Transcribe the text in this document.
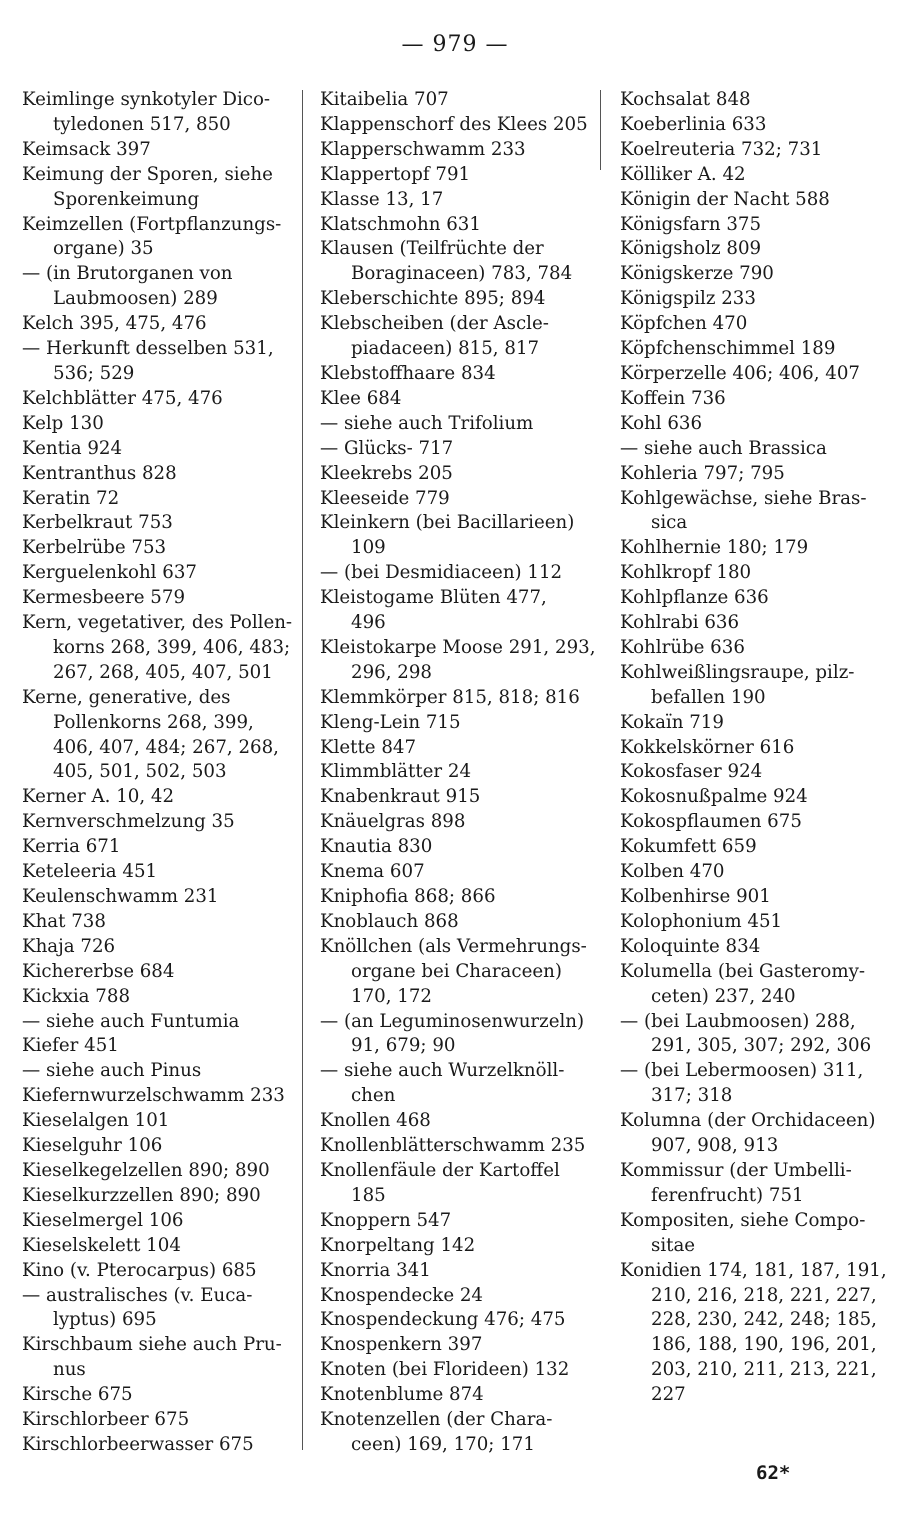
— 979 —
Keimlinge synkotyler Dico-
tyledonen 517, 850
Keimsack 397
Keimung der Sporen, siehe
Sporenkeimung
Keimzellen (Fortpflanzungs-
organe) 35
— (in Brutorganen von
Laubmoosen) 289
Kelch 395, 475, 476
— Herkunft desselben 531,
536; 529
Kelchblätter 475, 476
Kelp 130
Kentia 924
Kentranthus 828
Keratin 72
Kerbelkraut 753
Kerbelrübe 753
Kerguelenkohl 637
Kermesbeere 579
Kern, vegetativer, des Pollen-
korns 268, 399, 406, 483;
267, 268, 405, 407, 501
Kerne, generative, des
Pollenkorns 268, 399,
406, 407, 484; 267, 268,
405, 501, 502, 503
Kerner A. 10, 42
Kernverschmelzung 35
Kerria 671
Keteleeria 451
Keulenschwamm 231
Khat 738
Khaja 726
Kichererbse 684
Kickxia 788
— siehe auch Funtumia
Kiefer 451
— siehe auch Pinus
Kiefernwurzelschwamm 233
Kieselalgen 101
Kieselguhr 106
Kieselkegelzellen 890; 890
Kieselkurzzellen 890; 890
Kieselmergel 106
Kieselskelett 104
Kino (v. Pterocarpus) 685
— australisches (v. Euca-
lyptus) 695
Kirschbaum siehe auch Pru-
nus
Kirsche 675
Kirschlorbeer 675
Kirschlorbeerwasser 675
Kitaibelia 707
Klappenschorf des Klees 205
Klapperschwamm 233
Klappertopf 791
Klasse 13, 17
Klatschmohn 631
Klausen (Teilfrüchte der
Boraginaceen) 783, 784
Kleberschichte 895; 894
Klebscheiben (der Ascle-
piadaceen) 815, 817
Klebstoffhaare 834
Klee 684
— siehe auch Trifolium
— Glücks- 717
Kleekrebs 205
Kleeseide 779
Kleinkern (bei Bacillarieen)
109
— (bei Desmidiaceen) 112
Kleistogame Blüten 477,
496
Kleistokarpe Moose 291, 293,
296, 298
Klemmkörper 815, 818; 816
Kleng-Lein 715
Klette 847
Klimmblätter 24
Knabenkraut 915
Knäuelgras 898
Knautia 830
Knema 607
Kniphofia 868; 866
Knoblauch 868
Knöllchen (als Vermehrungs-
organe bei Characeen)
170, 172
— (an Leguminosenwurzeln)
91, 679; 90
— siehe auch Wurzelknöll-
chen
Knollen 468
Knollenblätterschwamm 235
Knollenfäule der Kartoffel
185
Knoppern 547
Knorpeltang 142
Knorria 341
Knospendecke 24
Knospendeckung 476; 475
Knospenkern 397
Knoten (bei Florideen) 132
Knotenblume 874
Knotenzellen (der Chara-
ceen) 169, 170; 171
Kochsalat 848
Koeberlinia 633
Koelreuteria 732; 731
Kölliker A. 42
Königin der Nacht 588
Königsfarn 375
Königsholz 809
Königskerze 790
Königspilz 233
Köpfchen 470
Köpfchenschimmel 189
Körperzelle 406; 406, 407
Koffein 736
Kohl 636
— siehe auch Brassica
Kohleria 797; 795
Kohlgewächse, siehe Bras-
sica
Kohlhernie 180; 179
Kohlkropf 180
Kohlpflanze 636
Kohlrabi 636
Kohlrübe 636
Kohlweißlingsraupe, pilz-
befallen 190
Kokaïn 719
Kokkelskörner 616
Kokosfaser 924
Kokosnußpalme 924
Kokospflaumen 675
Kokumfett 659
Kolben 470
Kolbenhirse 901
Kolophonium 451
Koloquinte 834
Kolumella (bei Gasteromy-
ceten) 237, 240
— (bei Laubmoosen) 288,
291, 305, 307; 292, 306
— (bei Lebermoosen) 311,
317; 318
Kolumna (der Orchidaceen)
907, 908, 913
Kommissur (der Umbelli-
ferenfrucht) 751
Kompositen, siehe Compo-
sitae
Konidien 174, 181, 187, 191,
210, 216, 218, 221, 227,
228, 230, 242, 248; 185,
186, 188, 190, 196, 201,
203, 210, 211, 213, 221,
227
62*
